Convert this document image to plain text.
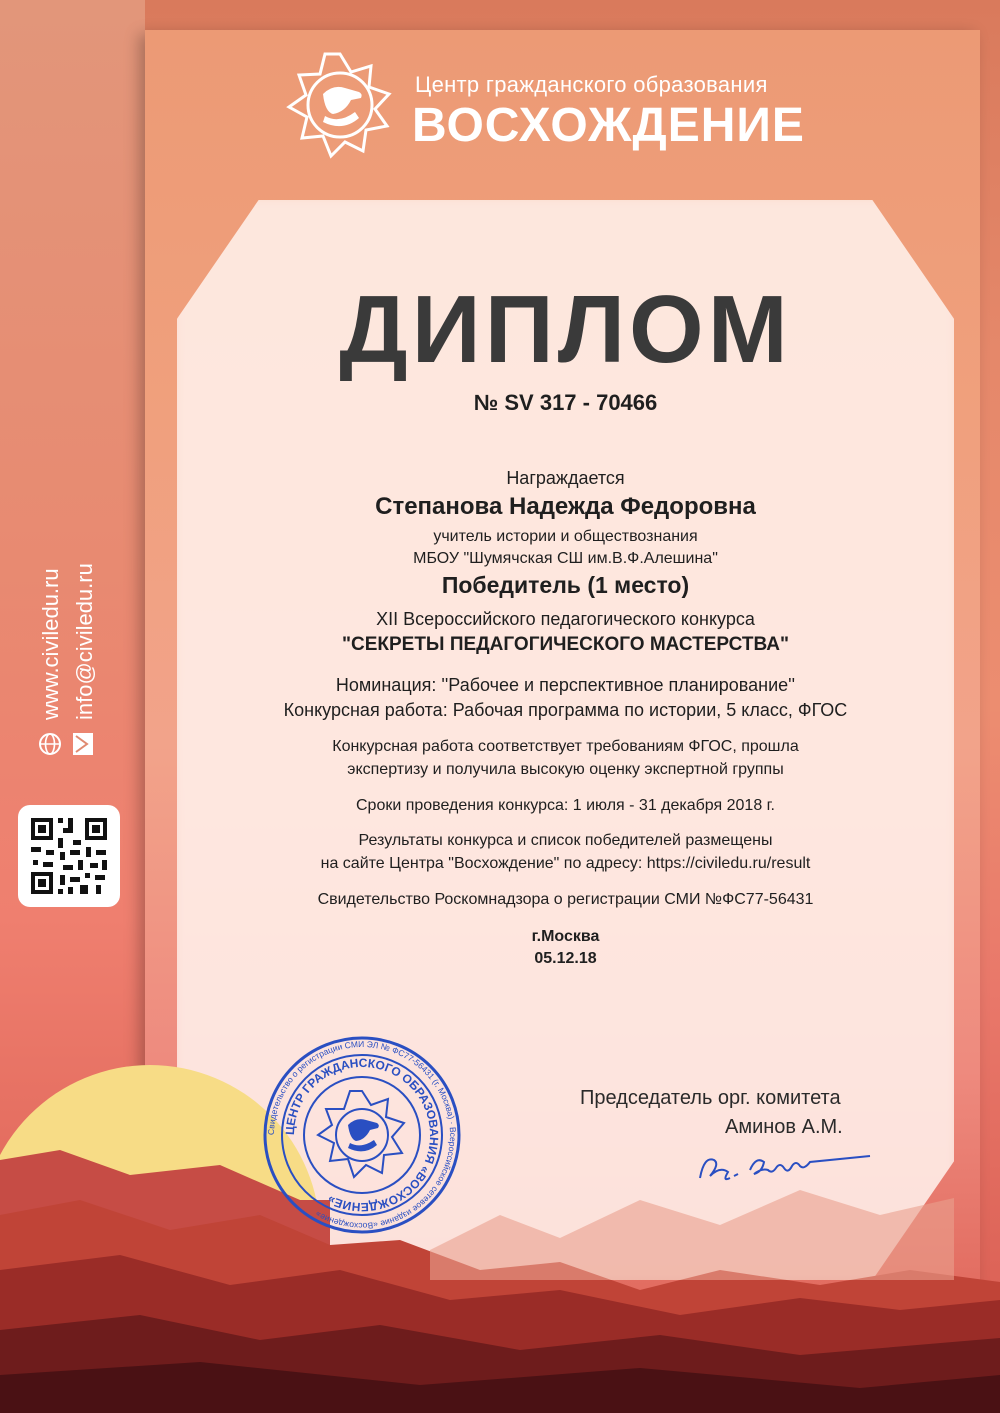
www.civiledu.ru info@civiledu.ru
Центр гражданского образования
ВОСХОЖДЕНИЕ
ДИПЛОМ
№ SV 317 - 70466
Награждается
Степанова Надежда Федоровна
учитель истории и обществознания
МБОУ "Шумячская СШ им.В.Ф.Алешина"
Победитель (1 место)
XII Всероссийского педагогического конкурса
"СЕКРЕТЫ ПЕДАГОГИЧЕСКОГО МАСТЕРСТВА"
Номинация: ''Рабочее и перспективное планирование''
Конкурсная работа: Рабочая программа по истории, 5 класс, ФГОС
Конкурсная работа соответствует требованиям ФГОС, прошла
экспертизу и получила высокую оценку экспертной группы
Сроки проведения конкурса: 1 июля - 31 декабря 2018 г.
Результаты конкурса и список победителей размещены
на сайте Центра "Восхождение" по адресу: https://civiledu.ru/result
Свидетельство Роскомнадзора о регистрации СМИ №ФС77-56431
г.Москва
05.12.18
Свидетельство о регистрации СМИ ЭЛ № ФС77-56431 (г. Москва) · Всероссийское сетевое издание «Восхождение»
ЦЕНТР ГРАЖДАНСКОГО ОБРАЗОВАНИЯ «ВОСХОЖДЕНИЕ»
Председатель орг. комитета
Аминов А.М.
